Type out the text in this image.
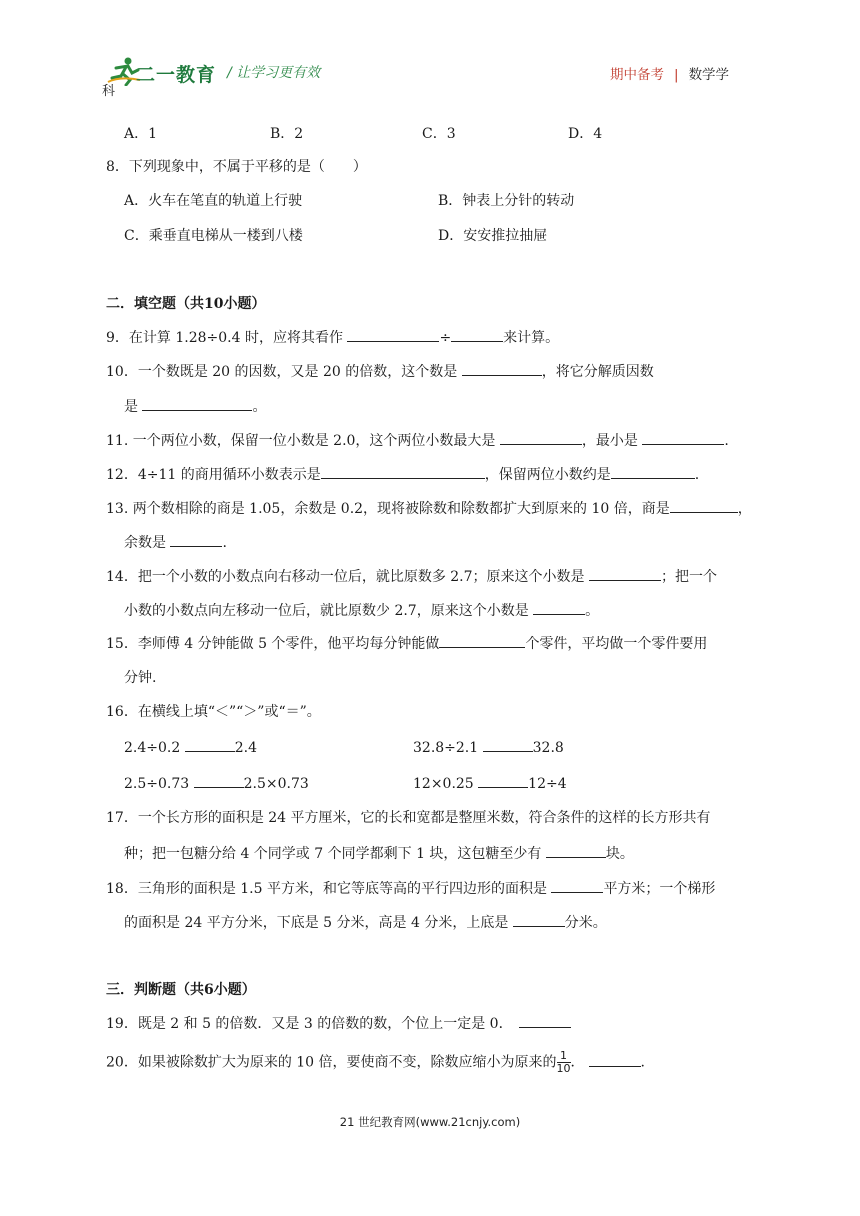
二一教育
科
/ 让学习更有效	期中备考 | 数学学
A．1	B．2	C．3	D．4
8．下列现象中，不属于平移的是（　　）
A．火车在笔直的轨道上行驶	B．钟表上分针的转动
C．乘垂直电梯从一楼到八楼	D．安安推拉抽屉
二．填空题（共10小题）
9．在计算 1.28÷0.4 时，应将其看作	÷	来计算。
10．一个数既是 20 的因数，又是 20 的倍数，这个数是	，将它分解质因数
是	。
11. 一个两位小数，保留一位小数是 2.0，这个两位小数最大是	，最小是	.
12．4÷11 的商用循环小数表示是	，保留两位小数约是	.
13. 两个数相除的商是 1.05，余数是 0.2，现将被除数和除数都扩大到原来的 10 倍，商是	，
余数是	.
14．把一个小数的小数点向右移动一位后，就比原数多 2.7；原来这个小数是	；把一个
小数的小数点向左移动一位后，就比原数少 2.7，原来这个小数是	。
15．李师傅 4 分钟能做 5 个零件，他平均每分钟能做	个零件，平均做一个零件要用
分钟.
16．在横线上填“＜”“＞”或“＝”。
2.4÷0.2	2.4	32.8÷2.1	32.8
2.5÷0.73	2.5×0.73	12×0.25	12÷4
17．一个长方形的面积是 24 平方厘米，它的长和宽都是整厘米数，符合条件的这样的长方形共有
种；把一包糖分给 4 个同学或 7 个同学都剩下 1 块，这包糖至少有	块。
18．三角形的面积是 1.5 平方米，和它等底等高的平行四边形的面积是	平方米；一个梯形
的面积是 24 平方分米，下底是 5 分米，高是 4 分米，上底是	分米。
三．判断题（共6小题）
19．既是 2 和 5 的倍数．又是 3 的倍数的数，个位上一定是 0．
20．如果被除数扩大为原来的 10 倍，要使商不变，除数应缩小为原来的 $\frac{1}{10}$ ．	.
21 世纪教育网(www.21cnjy.com)
